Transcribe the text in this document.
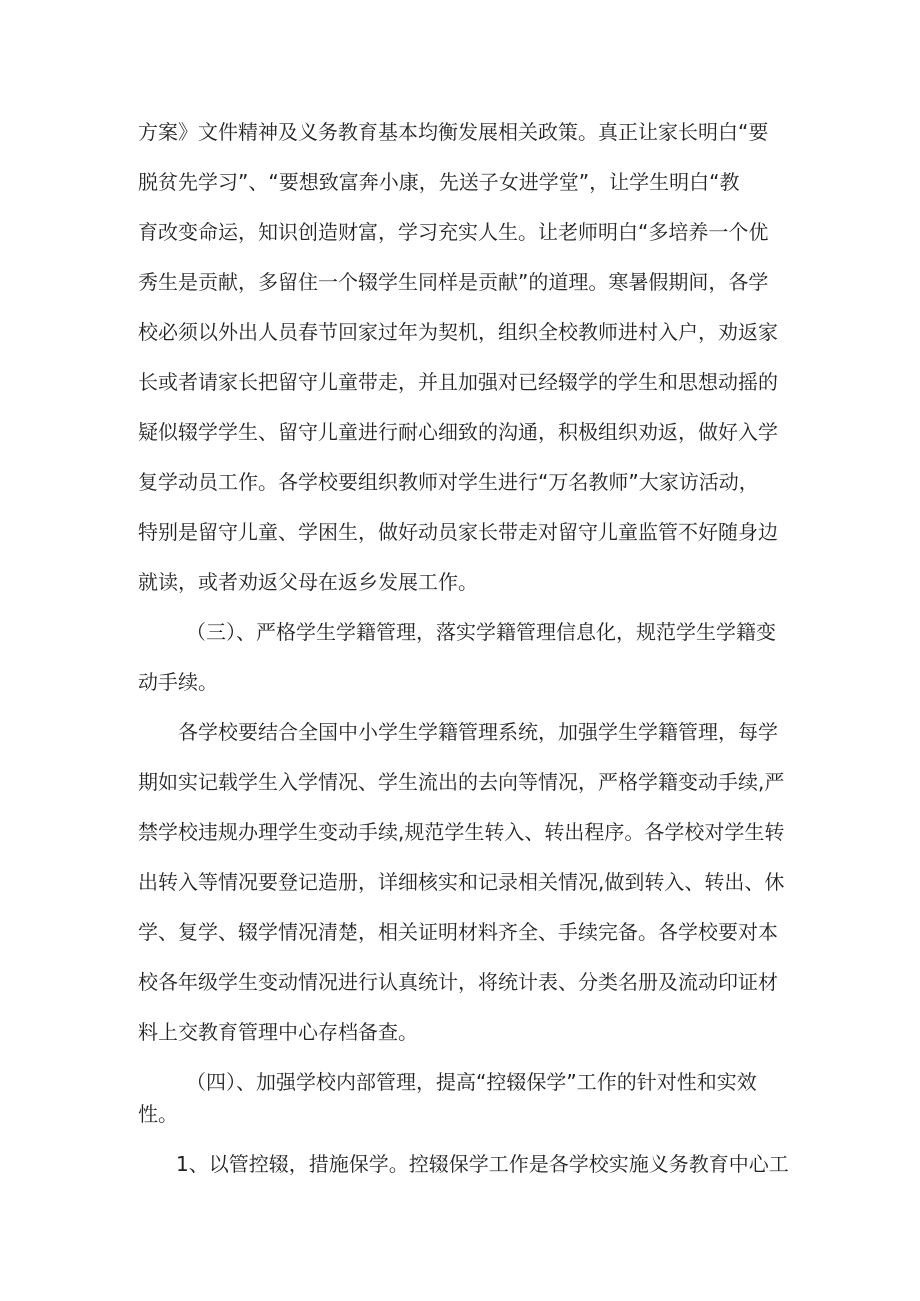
方案》文件精神及义务教育基本均衡发展相关政策。真正让家长明白“要
脱贫先学习”、“要想致富奔小康，先送子女进学堂”，让学生明白“教
育改变命运，知识创造财富，学习充实人生。让老师明白“多培养一个优
秀生是贡献，多留住一个辍学生同样是贡献”的道理。寒暑假期间，各学
校必须以外出人员春节回家过年为契机，组织全校教师进村入户，劝返家
长或者请家长把留守儿童带走，并且加强对已经辍学的学生和思想动摇的
疑似辍学学生、留守儿童进行耐心细致的沟通，积极组织劝返，做好入学
复学动员工作。各学校要组织教师对学生进行“万名教师”大家访活动，
特别是留守儿童、学困生，做好动员家长带走对留守儿童监管不好随身边
就读，或者劝返父母在返乡发展工作。
（三）、严格学生学籍管理，落实学籍管理信息化，规范学生学籍变
动手续。
各学校要结合全国中小学生学籍管理系统，加强学生学籍管理，每学
期如实记载学生入学情况、学生流出的去向等情况，严格学籍变动手续,严
禁学校违规办理学生变动手续,规范学生转入、转出程序。各学校对学生转
出转入等情况要登记造册，详细核实和记录相关情况,做到转入、转出、休
学、复学、辍学情况清楚，相关证明材料齐全、手续完备。各学校要对本
校各年级学生变动情况进行认真统计，将统计表、分类名册及流动印证材
料上交教育管理中心存档备查。
（四）、加强学校内部管理，提高“控辍保学”工作的针对性和实效
性。
1、以管控辍，措施保学。控辍保学工作是各学校实施义务教育中心工
